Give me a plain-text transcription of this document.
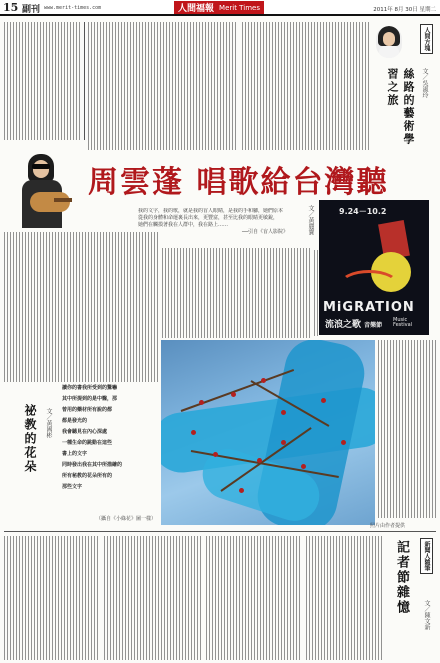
15 副刊 www.merit-times.com	人間福報 Merit Times	2011年 8月 30日 星期二
人間方塊
絲路的藝術學習之旅	文／吳淑玲
周雲蓬 唱歌給台灣聽
我的文字，我的歌，就是我的盲人眼睛，是我的手和腳，她們原本
從我的身體和命運裏長出來，更豐富，甚至比我的眼睛更敏銳，
她們在觸摸著我在人群中，我在路上……
──引自《盲人影院》	文／黃麗寶	9.24－10.2
MiGRATION
流浪之歌 音樂節
Music Festival
祕教的花朵	文／黃國彬
讀你的書我所受到的驚嚇
其中所提到的是中醫，那
曾用的藥材所有說的都
都是發光的
我會聽見在內心深處
一種生命的跳動在這些
書上的文字
同時發出我在其中所描繪的
所有秘教的花朵所有的
那些文字
（攝自《小綠花》圖一樣）
照片由作者提供
新聞人隨筆
記者節雜憶	文／陳文新
